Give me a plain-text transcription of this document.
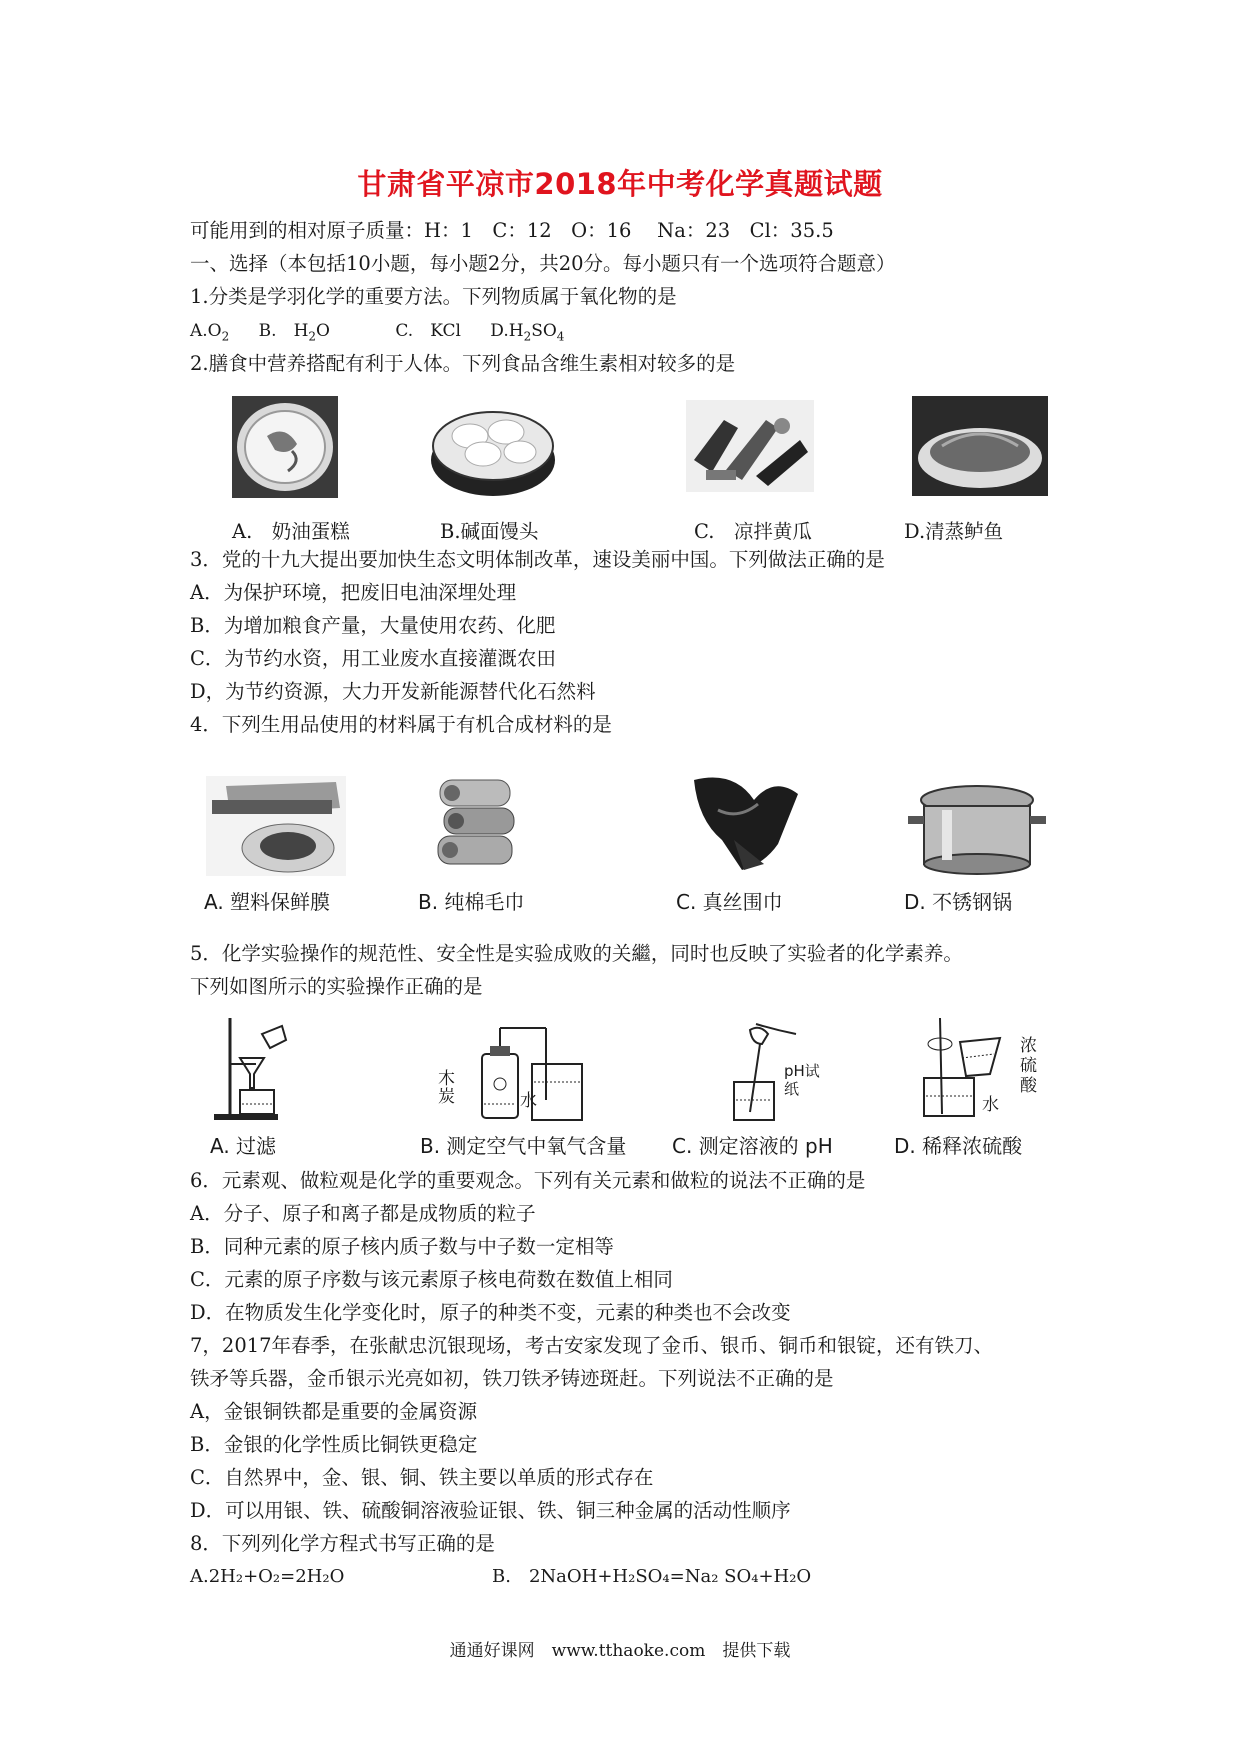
甘肃省平凉市2018年中考化学真题试题
可能用到的相对原子质量：H：1　C：12　O：16　 Na：23　Cl：35.5
一、选择（本包括10小题，每小题2分，共20分。每小题只有一个选项符合题意）
1.分类是学羽化学的重要方法。下列物质属于氧化物的是
$A.O_2$ B.　$H_2O$	C.　KCl $D.H_2SO_4$
2.膳食中营养搭配有利于人体。下列食品含维生素相对较多的是
A.　奶油蛋糕	B.碱面馒头	C.　凉拌黄瓜	D.清蒸鲈鱼
3．党的十九大提出要加快生态文明体制改革，速设美丽中国。下列做法正确的是
A．为保护环境，把废旧电油深埋处理
B．为增加粮食产量，大量使用农药、化肥
C．为节约水资，用工业废水直接灌溉农田
D，为节约资源，大力开发新能源替代化石然料
4．下列生用品使用的材料属于有机合成材料的是
A. 塑料保鲜膜	B. 纯棉毛巾	C. 真丝围巾	D. 不锈钢锅
5．化学实验操作的规范性、安全性是实验成败的关繼，同时也反映了实验者的化学素养。
下列如图所示的实验操作正确的是
木炭	水
pH试纸
水
浓硫酸
A. 过滤	B. 测定空气中氧气含量 C. 测定溶液的 pH	D. 稀释浓硫酸
6．元素观、做粒观是化学的重要观念。下列有关元素和做粒的说法不正确的是
A．分子、原子和离子都是成物质的粒子
B．同种元素的原子核内质子数与中子数一定相等
C．元素的原子序数与该元素原子核电荷数在数值上相同
D．在物质发生化学变化时，原子的种类不变，元素的种类也不会改变
7，2017年春季，在张献忠沉银现场，考古安家发现了金币、银币、铜币和银锭，还有铁刀、
铁矛等兵器，金币银示光亮如初，铁刀铁矛铸迹斑赶。下列说法不正确的是
A，金银铜铁都是重要的金属资源
B．金银的化学性质比铜铁更稳定
C．自然界中，金、银、铜、铁主要以单质的形式存在
D．可以用银、铁、硫酸铜溶液验证银、铁、铜三种金属的活动性顺序
8．下列列化学方程式书写正确的是
A.2H₂+O₂=2H₂O	B.　2NaOH+H₂SO₄=Na₂ SO₄+H₂O
通通好课网　www.tthaoke.com　提供下载
